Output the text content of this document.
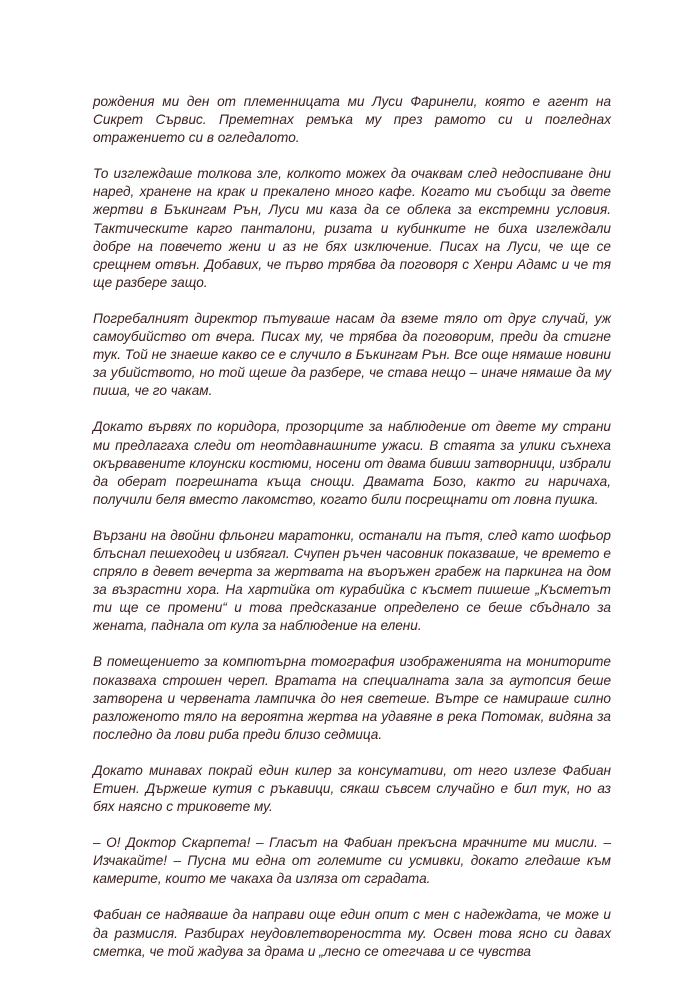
рождения ми ден от племенницата ми Луси Фаринели, която е агент на Сикрет Сървис. Преметнах ремъка му през рамото си и погледнах отражението си в огледалото.

То изглеждаше толкова зле, колкото можех да очаквам след недоспиване дни наред, хранене на крак и прекалено много кафе. Когато ми съобщи за двете жертви в Бъкингам Рън, Луси ми каза да се облека за екстремни условия. Тактическите карго панталони, ризата и кубинките не биха изглеждали добре на повечето жени и аз не бях изключение. Писах на Луси, че ще се срещнем отвън. Добавих, че първо трябва да поговоря с Хенри Адамс и че тя ще разбере защо.

Погребалният директор пътуваше насам да вземе тяло от друг случай, уж самоубийство от вчера. Писах му, че трябва да поговорим, преди да стигне тук. Той не знаеше какво се е случило в Бъкингам Рън. Все още нямаше новини за убийството, но той щеше да разбере, че става нещо – иначе нямаше да му пиша, че го чакам.

Докато вървях по коридора, прозорците за наблюдение от двете му страни ми предлагаха следи от неотдавнашните ужаси. В стаята за улики съхнеха окървавените клоунски костюми, носени от двама бивши затворници, избрали да оберат погрешната къща снощи. Двамата Бозо, както ги наричаха, получили беля вместо лакомство, когато били посрещнати от ловна пушка.

Вързани на двойни фльонги маратонки, останали на пътя, след като шофьор блъснал пешеходец и избягал. Счупен ръчен часовник показваше, че времето е спряло в девет вечерта за жертвата на въоръжен грабеж на паркинга на дом за възрастни хора. На хартийка от курабийка с късмет пишеше „Късметът ти ще се промени“ и това предсказание определено се беше сбъднало за жената, паднала от кула за наблюдение на елени.

В помещението за компютърна томография изображенията на мониторите показваха строшен череп. Вратата на специалната зала за аутопсия беше затворена и червената лампичка до нея светеше. Вътре се намираше силно разложеното тяло на вероятна жертва на удавяне в река Потомак, видяна за последно да лови риба преди близо седмица.

Докато минавах покрай един килер за консумативи, от него излезе Фабиан Етиен. Държеше кутия с ръкавици, сякаш съвсем случайно е бил тук, но аз бях наясно с триковете му.

– О! Доктор Скарпета! – Гласът на Фабиан прекъсна мрачните ми мисли. – Изчакайте! – Пусна ми една от големите си усмивки, докато гледаше към камерите, които ме чакаха да изляза от сградата.

Фабиан се надяваше да направи още един опит с мен с надеждата, че може и да размисля. Разбирах неудовлетвореността му. Освен това ясно си давах сметка, че той жадува за драма и „лесно се отегчава и се чувства
